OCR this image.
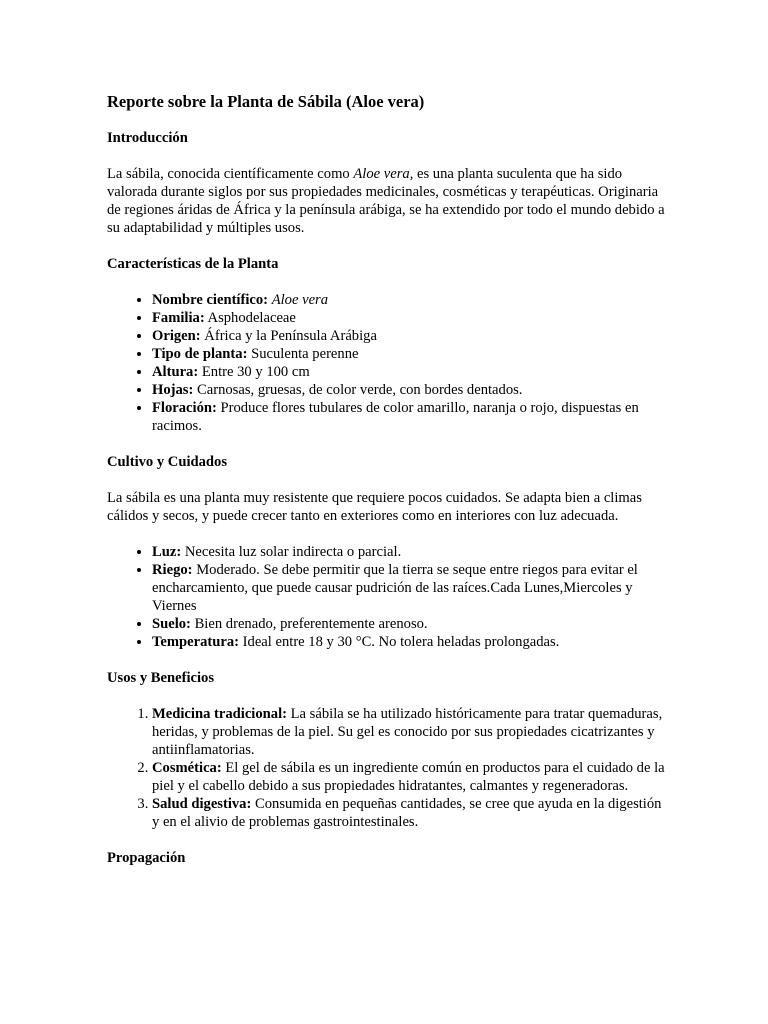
Reporte sobre la Planta de Sábila (Aloe vera)
Introducción

La sábila, conocida científicamente como Aloe vera, es una planta suculenta que ha sido valorada durante siglos por sus propiedades medicinales, cosméticas y terapéuticas. Originaria de regiones áridas de África y la península arábiga, se ha extendido por todo el mundo debido a su adaptabilidad y múltiples usos.

Características de la Planta
• Nombre científico: Aloe vera
• Familia: Asphodelaceae
• Origen: África y la Península Arábiga
• Tipo de planta: Suculenta perenne
• Altura: Entre 30 y 100 cm
• Hojas: Carnosas, gruesas, de color verde, con bordes dentados.
• Floración: Produce flores tubulares de color amarillo, naranja o rojo, dispuestas en racimos.
Cultivo y Cuidados

La sábila es una planta muy resistente que requiere pocos cuidados. Se adapta bien a climas cálidos y secos, y puede crecer tanto en exteriores como en interiores con luz adecuada.

• Luz: Necesita luz solar indirecta o parcial.
• Riego: Moderado. Se debe permitir que la tierra se seque entre riegos para evitar el encharcamiento, que puede causar pudrición de las raíces.Cada Lunes,Miercoles y Viernes
• Suelo: Bien drenado, preferentemente arenoso.
• Temperatura: Ideal entre 18 y 30 °C. No tolera heladas prolongadas.
Usos y Beneficios
1. Medicina tradicional: La sábila se ha utilizado históricamente para tratar quemaduras, heridas, y problemas de la piel. Su gel es conocido por sus propiedades cicatrizantes y antiinflamatorias.
2. Cosmética: El gel de sábila es un ingrediente común en productos para el cuidado de la piel y el cabello debido a sus propiedades hidratantes, calmantes y regeneradoras.
3. Salud digestiva: Consumida en pequeñas cantidades, se cree que ayuda en la digestión y en el alivio de problemas gastrointestinales.
Propagación
